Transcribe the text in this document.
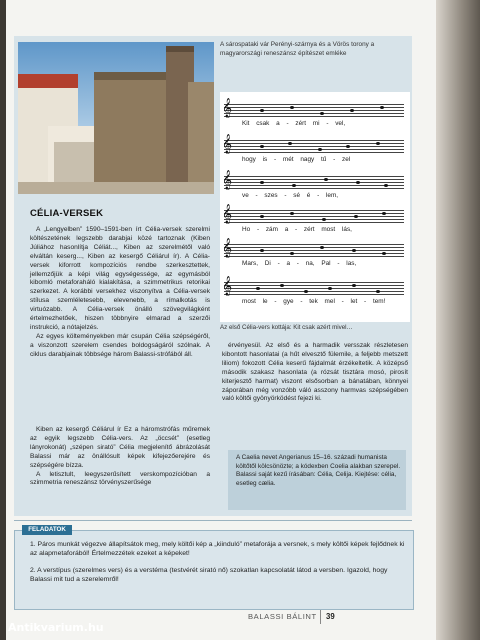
A sárospataki vár Perényi-szárnya és a Vörös torony a magyarországi reneszánsz építészet emléke
𝄞
Kit csak a - zért mi - vel,
𝄞
hogy is - mét nagy tű - zel
𝄞
ve - szes - sé é - lem,
𝄞
Ho - zám a - zért most lás,
𝄞
Mars, Di - a - na, Pal - las,
𝄞
most le - gye - tek mel - let - tem!
Az első Célia-vers kottája: Kit csak azért mivel…
CÉLIA-VERSEK

A „Lengyelben” 1590–1591-ben írt Célia-versek szerelmi költészetének legszebb darabjai közé tartoznak (Kiben Júliához hasonlítja Céliát..., Kiben az szerelmétől való elváltán keserg..., Kiben az kesergő Céliárul ír). A Célia-versek kiforrott kompozíciós rendbe szerkesztettek, jellemzőjük a képi világ egységessége, az egymásból kibomló metaforaháló kialakítása, a szimmetrikus retorikai szerkezet. A korábbi versekhez viszonyítva a Célia-versek stílusa szemléletesebb, elevenebb, a rímalkotás is virtuózabb. A Célia-versek önálló szövegvilágként értelmezhetőek, hiszen többnyire elmarad a szerzői instrukció, a nótajelzés.

Az egyes költeményekben már csupán Célia szépségéről, a viszonzott szerelem csendes boldogságáról szólnak. A ciklus darabjainak többsége három Balassi-strófából áll.

Kiben az kesergő Céliárul ír Ez a háromstrófás műremek az egyik legszebb Célia-vers. Az „öccsét” (esetleg lányrokonát) „szépen sirató” Célia megjelenítő ábrázolását Balassi már az önállósult képek kifejezőerejére és szépségére bízza.

A letisztult, leegyszerűsített verskompozícióban a szimmetria reneszánsz törvényszerűsége

érvényesül. Az első és a harmadik versszak részletesen kibontott hasonlatai (a hűt elvesztő fülemile, a feljebb metszett liliom) fokozott Célia keserű fájdalmát érzékeltetik. A középső második szakasz hasonlata (a rózsát tisztára mosó, pirosít kiterjesztő harmat) viszont elsősorban a bánatában, könnyei záporában még vonzóbb váló asszony harmvas szépségében való költői gyönyörködést fejezi ki.

A Caelia nevet Angerianus 15–16. századi humanista költőtől kölcsönözte; a kódexben Coelia alakban szerepel. Balassi saját kezű írásában: Célia, Celija. Kiejtése: célia, esetleg cælia.
FELADATOK
1. Páros munkát végezve állapítsátok meg, mely költői kép a „kiinduló” metaforája a versnek, s mely költői képek fejlődnek ki az alapmetaforából! Értelmezzétek ezeket a képeket!
2. A verstípus (szerelmes vers) és a verstéma (testvérét sirató nő) szokatlan kapcsolatát látod a versben. Igazold, hogy Balassi mit tud a szerelemről!
BALASSI BÁLINT 39
Antikvarium.hu
